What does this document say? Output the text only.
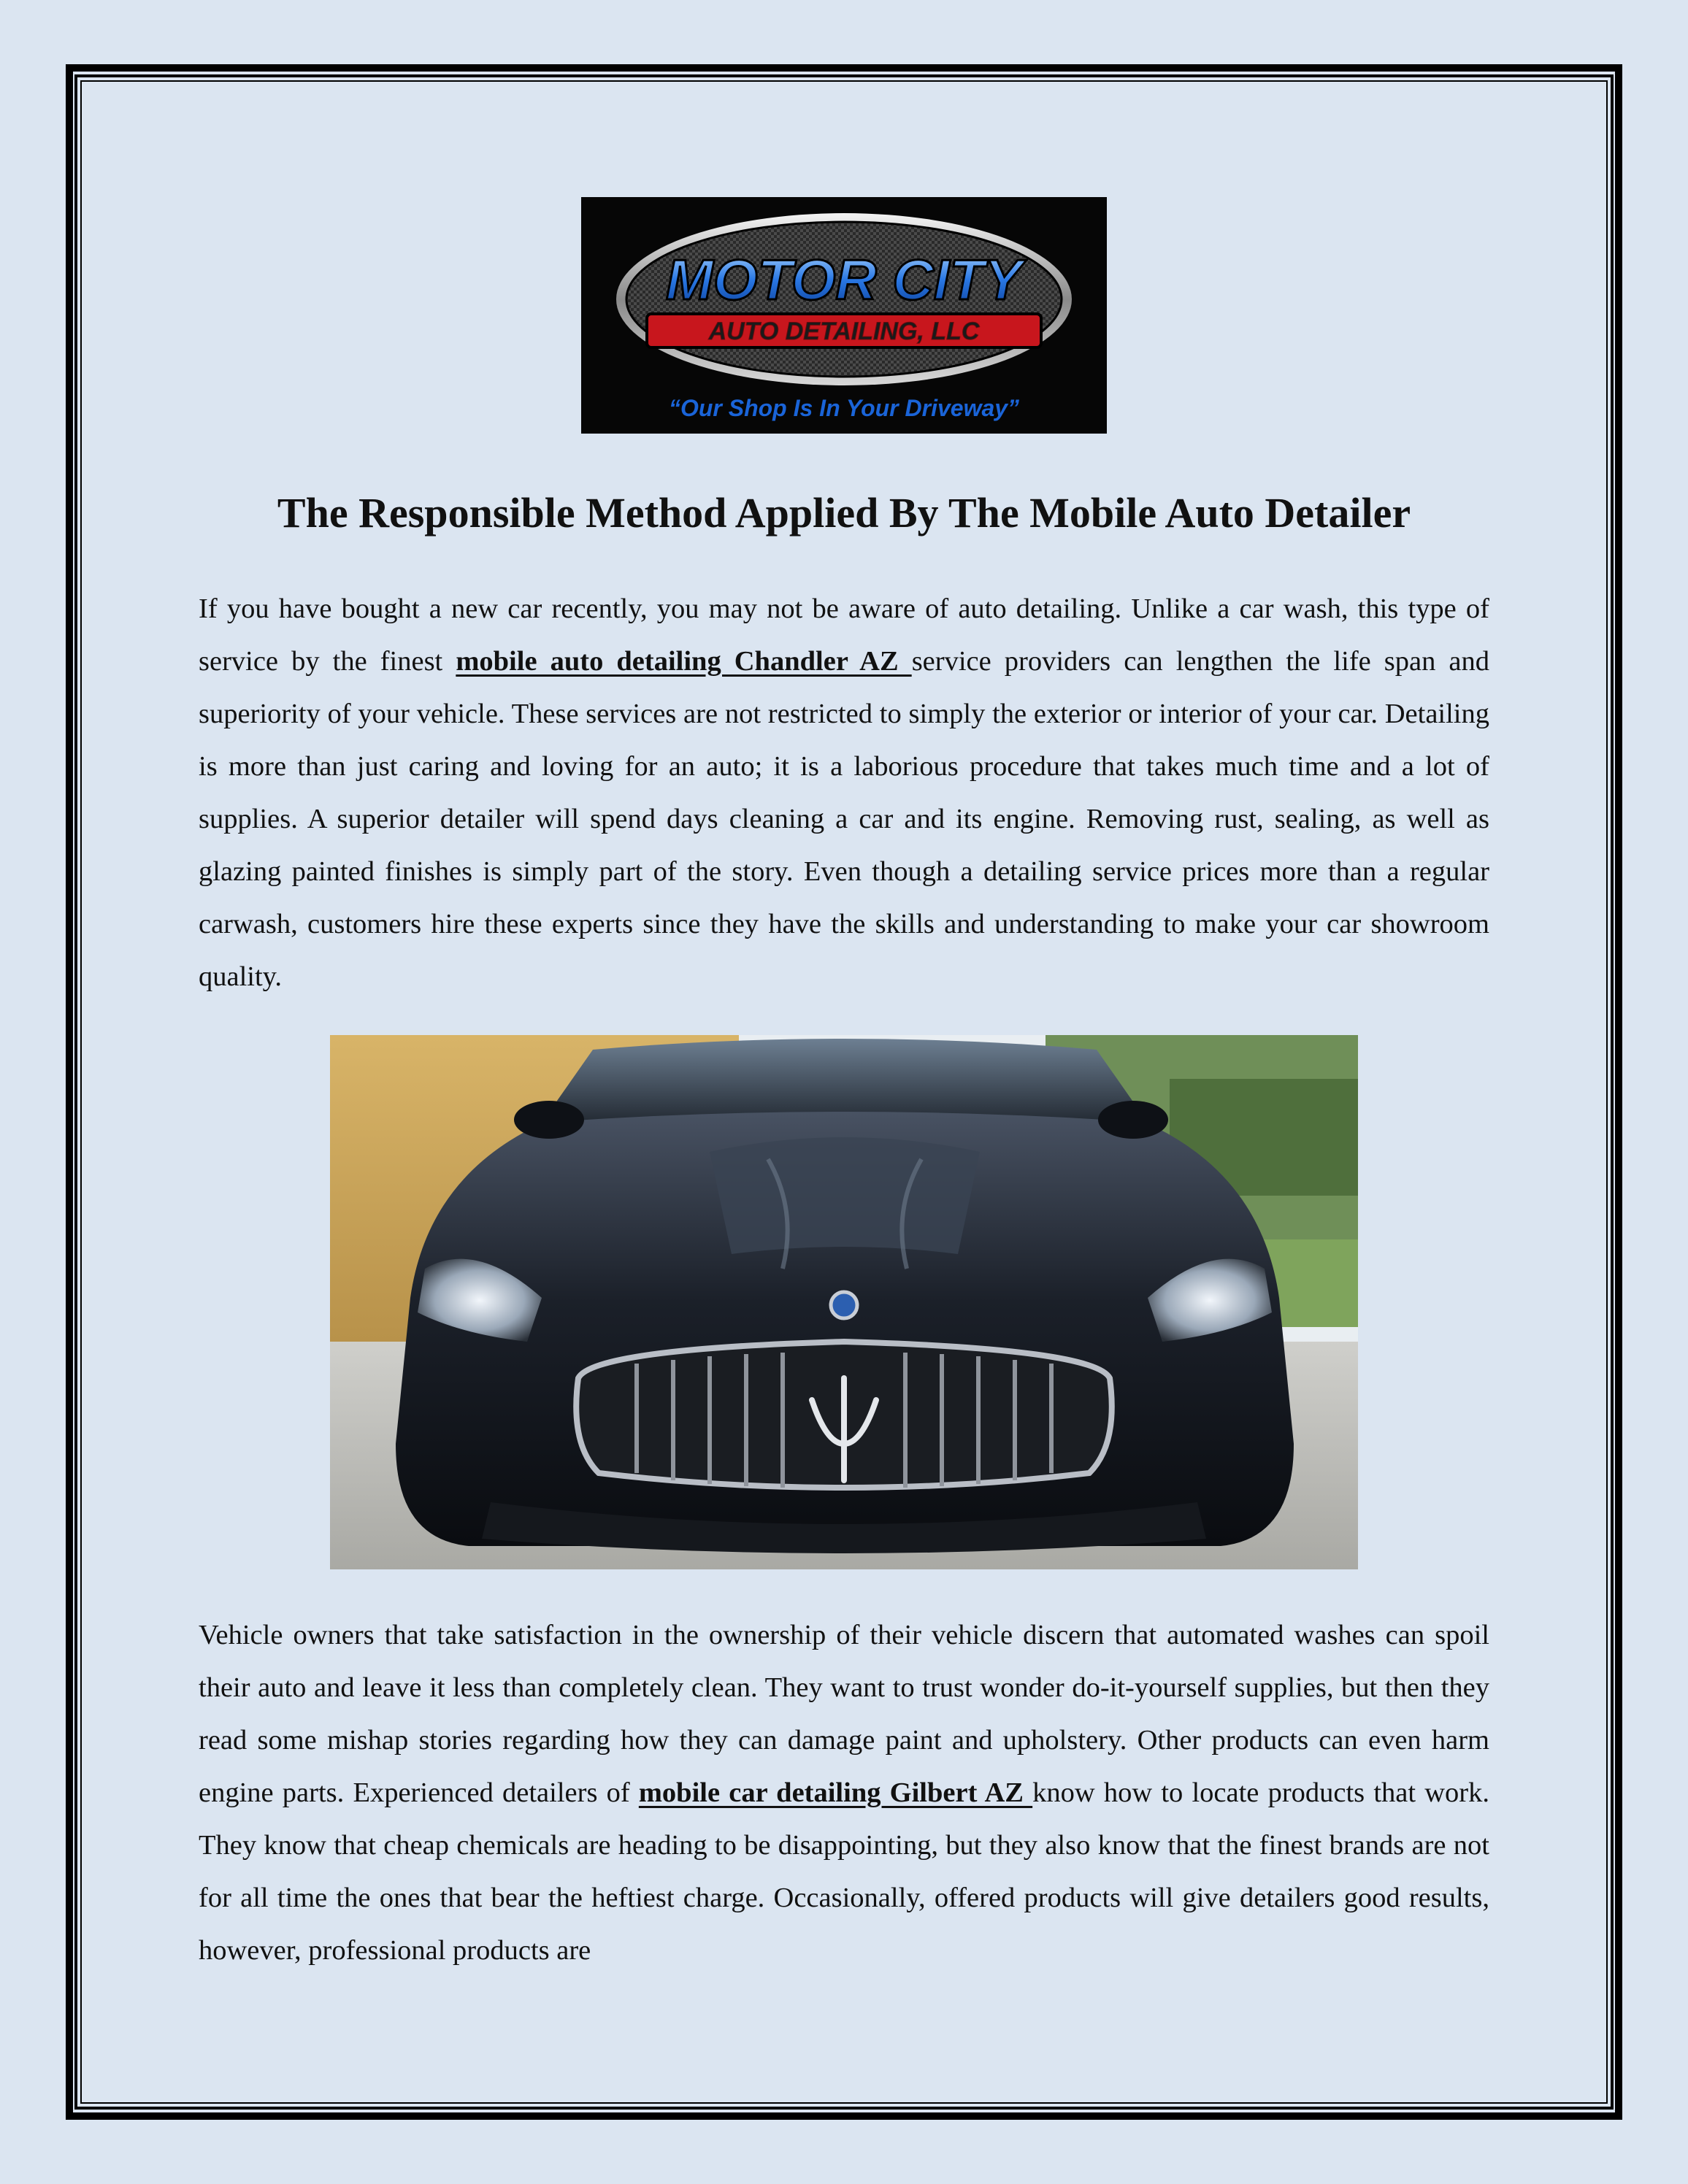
MOTOR CITY
AUTO DETAILING, LLC
“Our Shop Is In Your Driveway”
The Responsible Method Applied By The Mobile Auto Detailer

If you have bought a new car recently, you may not be aware of auto detailing. Unlike a car wash, this type of service by the finest mobile auto detailing Chandler AZ service providers can lengthen the life span and superiority of your vehicle. These services are not restricted to simply the exterior or interior of your car. Detailing is more than just caring and loving for an auto; it is a laborious procedure that takes much time and a lot of supplies. A superior detailer will spend days cleaning a car and its engine. Removing rust, sealing, as well as glazing painted finishes is simply part of the story. Even though a detailing service prices more than a regular carwash, customers hire these experts since they have the skills and understanding to make your car showroom quality.

Vehicle owners that take satisfaction in the ownership of their vehicle discern that automated washes can spoil their auto and leave it less than completely clean. They want to trust wonder do-it-yourself supplies, but then they read some mishap stories regarding how they can damage paint and upholstery. Other products can even harm engine parts. Experienced detailers of mobile car detailing Gilbert AZ know how to locate products that work. They know that cheap chemicals are heading to be disappointing, but they also know that the finest brands are not for all time the ones that bear the heftiest charge. Occasionally, offered products will give detailers good results, however, professional products are
